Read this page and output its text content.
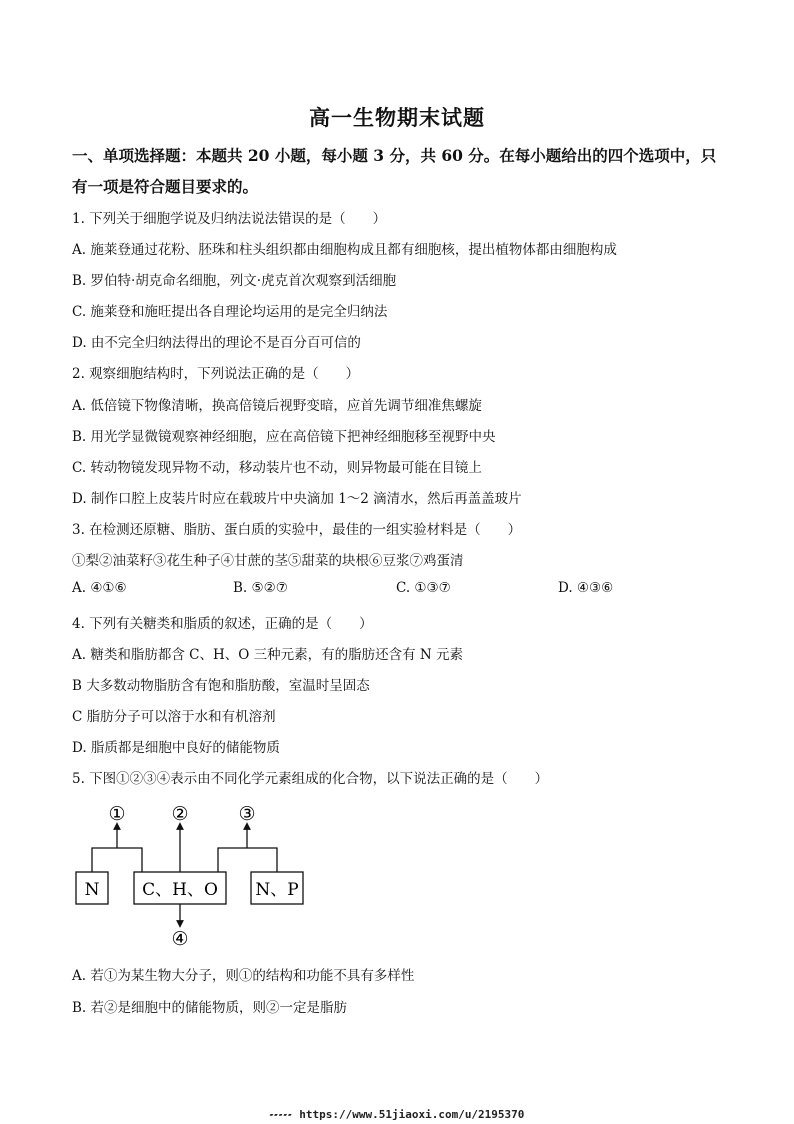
高一生物期末试题
一、单项选择题：本题共 20 小题，每小题 3 分，共 60 分。在每小题给出的四个选项中，只
有一项是符合题目要求的。
1. 下列关于细胞学说及归纳法说法错误的是（　　）
A. 施莱登通过花粉、胚珠和柱头组织都由细胞构成且都有细胞核，提出植物体都由细胞构成
B. 罗伯特·胡克命名细胞，列文·虎克首次观察到活细胞
C. 施莱登和施旺提出各自理论均运用的是完全归纳法
D. 由不完全归纳法得出的理论不是百分百可信的
2. 观察细胞结构时，下列说法正确的是（　　）
A. 低倍镜下物像清晰，换高倍镜后视野变暗，应首先调节细准焦螺旋
B. 用光学显微镜观察神经细胞，应在高倍镜下把神经细胞移至视野中央
C. 转动物镜发现异物不动，移动装片也不动，则异物最可能在目镜上
D. 制作口腔上皮装片时应在载玻片中央滴加 1～2 滴清水，然后再盖盖玻片
3. 在检测还原糖、脂肪、蛋白质的实验中，最佳的一组实验材料是（　　）
①梨②油菜籽③花生种子④甘蔗的茎⑤甜菜的块根⑥豆浆⑦鸡蛋清
A. ④①⑥	B. ⑤②⑦	C. ①③⑦	D. ④③⑥
4. 下列有关糖类和脂质的叙述，正确的是（　　）
A. 糖类和脂肪都含 C、H、O 三种元素，有的脂肪还含有 N 元素
B 大多数动物脂肪含有饱和脂肪酸，室温时呈固态
C 脂肪分子可以溶于水和有机溶剂
D. 脂质都是细胞中良好的储能物质
5. 下图①②③④表示由不同化学元素组成的化合物，以下说法正确的是（　　）
N	C、H、O N、P
① ②	③
④
A. 若①为某生物大分子，则①的结构和功能不具有多样性
B. 若②是细胞中的储能物质，则②一定是脂肪
▰▰▰▰▰ https://www.51jiaoxi.com/u/2195370
